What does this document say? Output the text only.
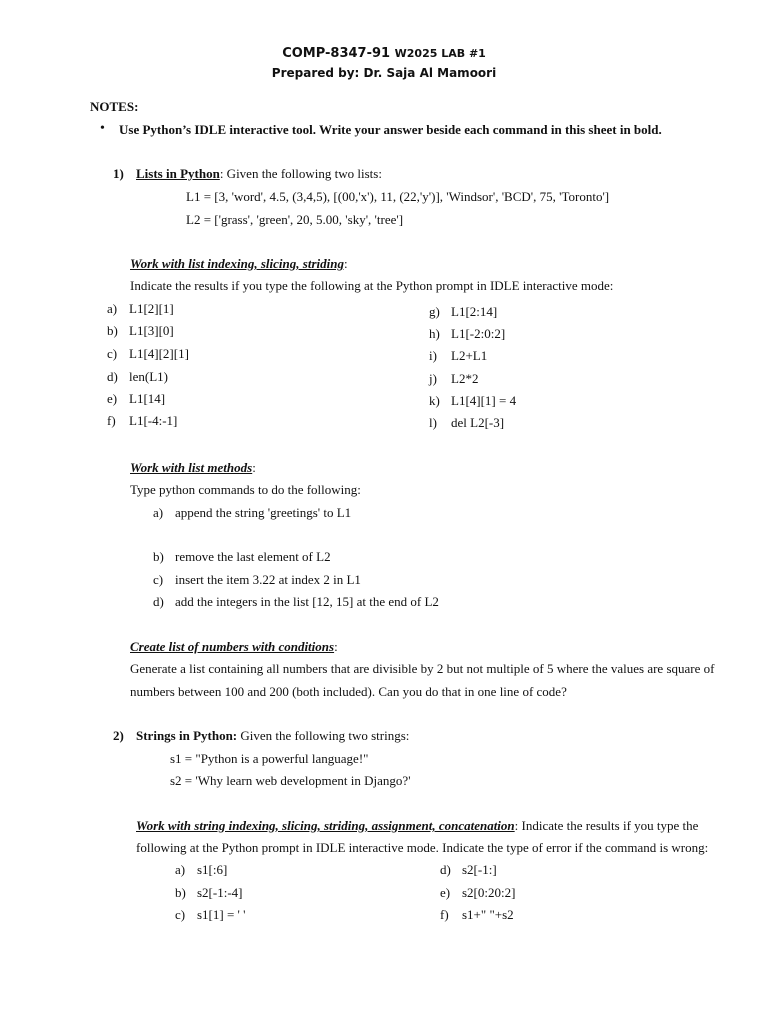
COMP-8347-91 W2025 LAB #1
Prepared by: Dr. Saja Al Mamoori
NOTES:
• Use Python’s IDLE interactive tool. Write your answer beside each command in this sheet in bold.
1) Lists in Python: Given the following two lists:
L1 = [3, 'word', 4.5, (3,4,5), [(00,'x'), 11, (22,'y')], 'Windsor', 'BCD', 75, 'Toronto']
L2 = ['grass', 'green', 20, 5.00, 'sky', 'tree']
Work with list indexing, slicing, striding:
Indicate the results if you type the following at the Python prompt in IDLE interactive mode:
a) L1[2][1]
b) L1[3][0]
c) L1[4][2][1]
d) len(L1)
e) L1[14]
f) L1[-4:-1]
g) L1[2:14]
h) L1[-2:0:2]
i) L2+L1
j) L2*2
k) L1[4][1] = 4
l) del L2[-3]
Work with list methods:
Type python commands to do the following:
a) append the string 'greetings' to L1
b) remove the last element of L2
c) insert the item 3.22 at index 2 in L1
d) add the integers in the list [12, 15] at the end of L2
Create list of numbers with conditions:
Generate a list containing all numbers that are divisible by 2 but not multiple of 5 where the values are square of
numbers between 100 and 200 (both included). Can you do that in one line of code?
2) Strings in Python: Given the following two strings:
s1 = "Python is a powerful language!"
s2 = 'Why learn web development in Django?'
Work with string indexing, slicing, striding, assignment, concatenation: Indicate the results if you type the
following at the Python prompt in IDLE interactive mode. Indicate the type of error if the command is wrong:
a) s1[:6]
b) s2[-1:-4]
c) s1[1] = ' '
d) s2[-1:]
e) s2[0:20:2]
f) s1+" "+s2
